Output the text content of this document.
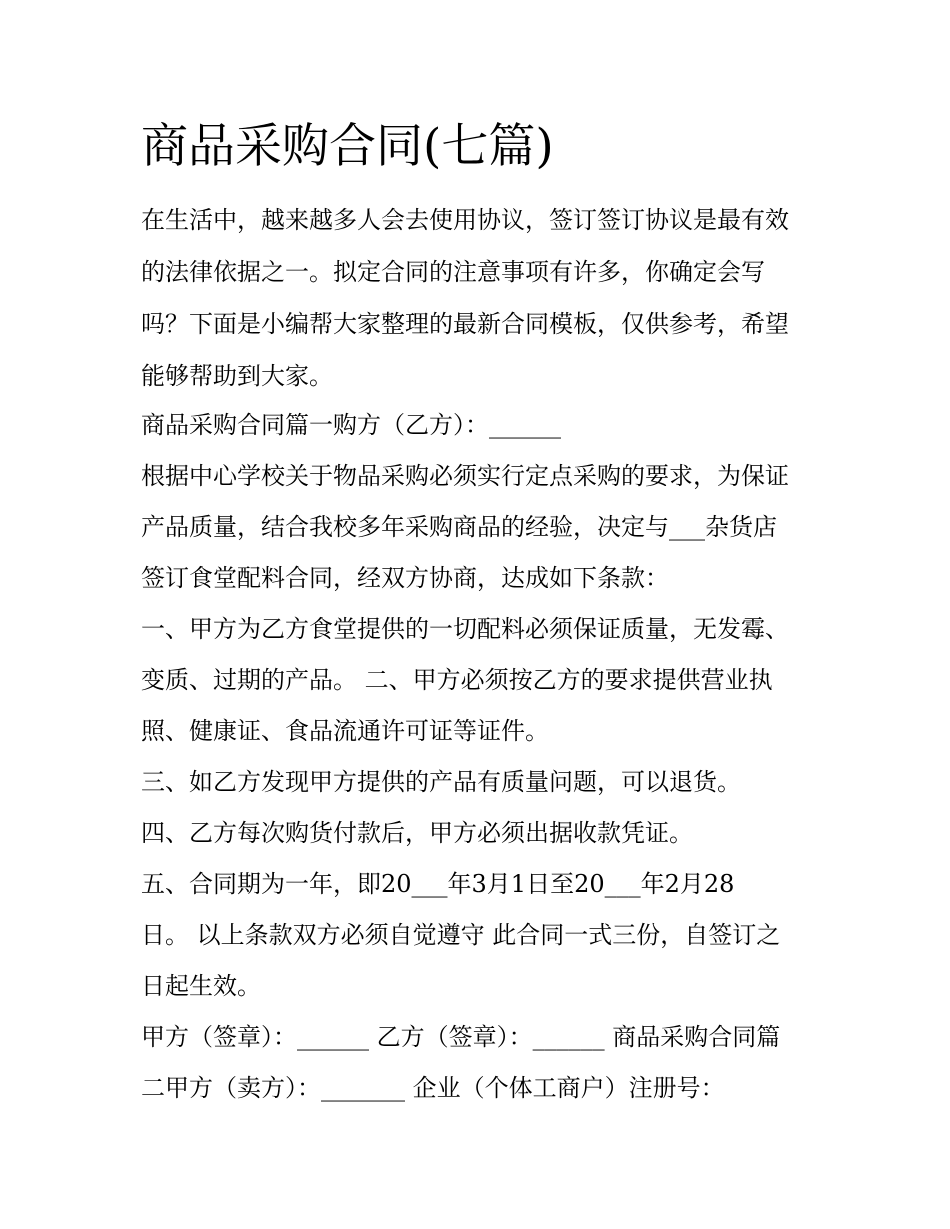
商品采购合同(七篇)

在生活中，越来越多人会去使用协议，签订签订协议是最有效

的法律依据之一。拟定合同的注意事项有许多，你确定会写

吗？下面是小编帮大家整理的最新合同模板，仅供参考，希望

能够帮助到大家。

商品采购合同篇一购方（乙方）：______

根据中心学校关于物品采购必须实行定点采购的要求，为保证

产品质量，结合我校多年采购商品的经验，决定与___杂货店

签订食堂配料合同，经双方协商，达成如下条款：

一、甲方为乙方食堂提供的一切配料必须保证质量，无发霉、

变质、过期的产品。 二、甲方必须按乙方的要求提供营业执

照、健康证、食品流通许可证等证件。

三、如乙方发现甲方提供的产品有质量问题，可以退货。

四、乙方每次购货付款后，甲方必须出据收款凭证。

五、合同期为一年，即20___年3月1日至20___年2月28

日。 以上条款双方必须自觉遵守 此合同一式三份，自签订之

日起生效。

甲方（签章）：______ 乙方（签章）：______ 商品采购合同篇

二甲方（卖方）：_______ 企业（个体工商户）注册号：
